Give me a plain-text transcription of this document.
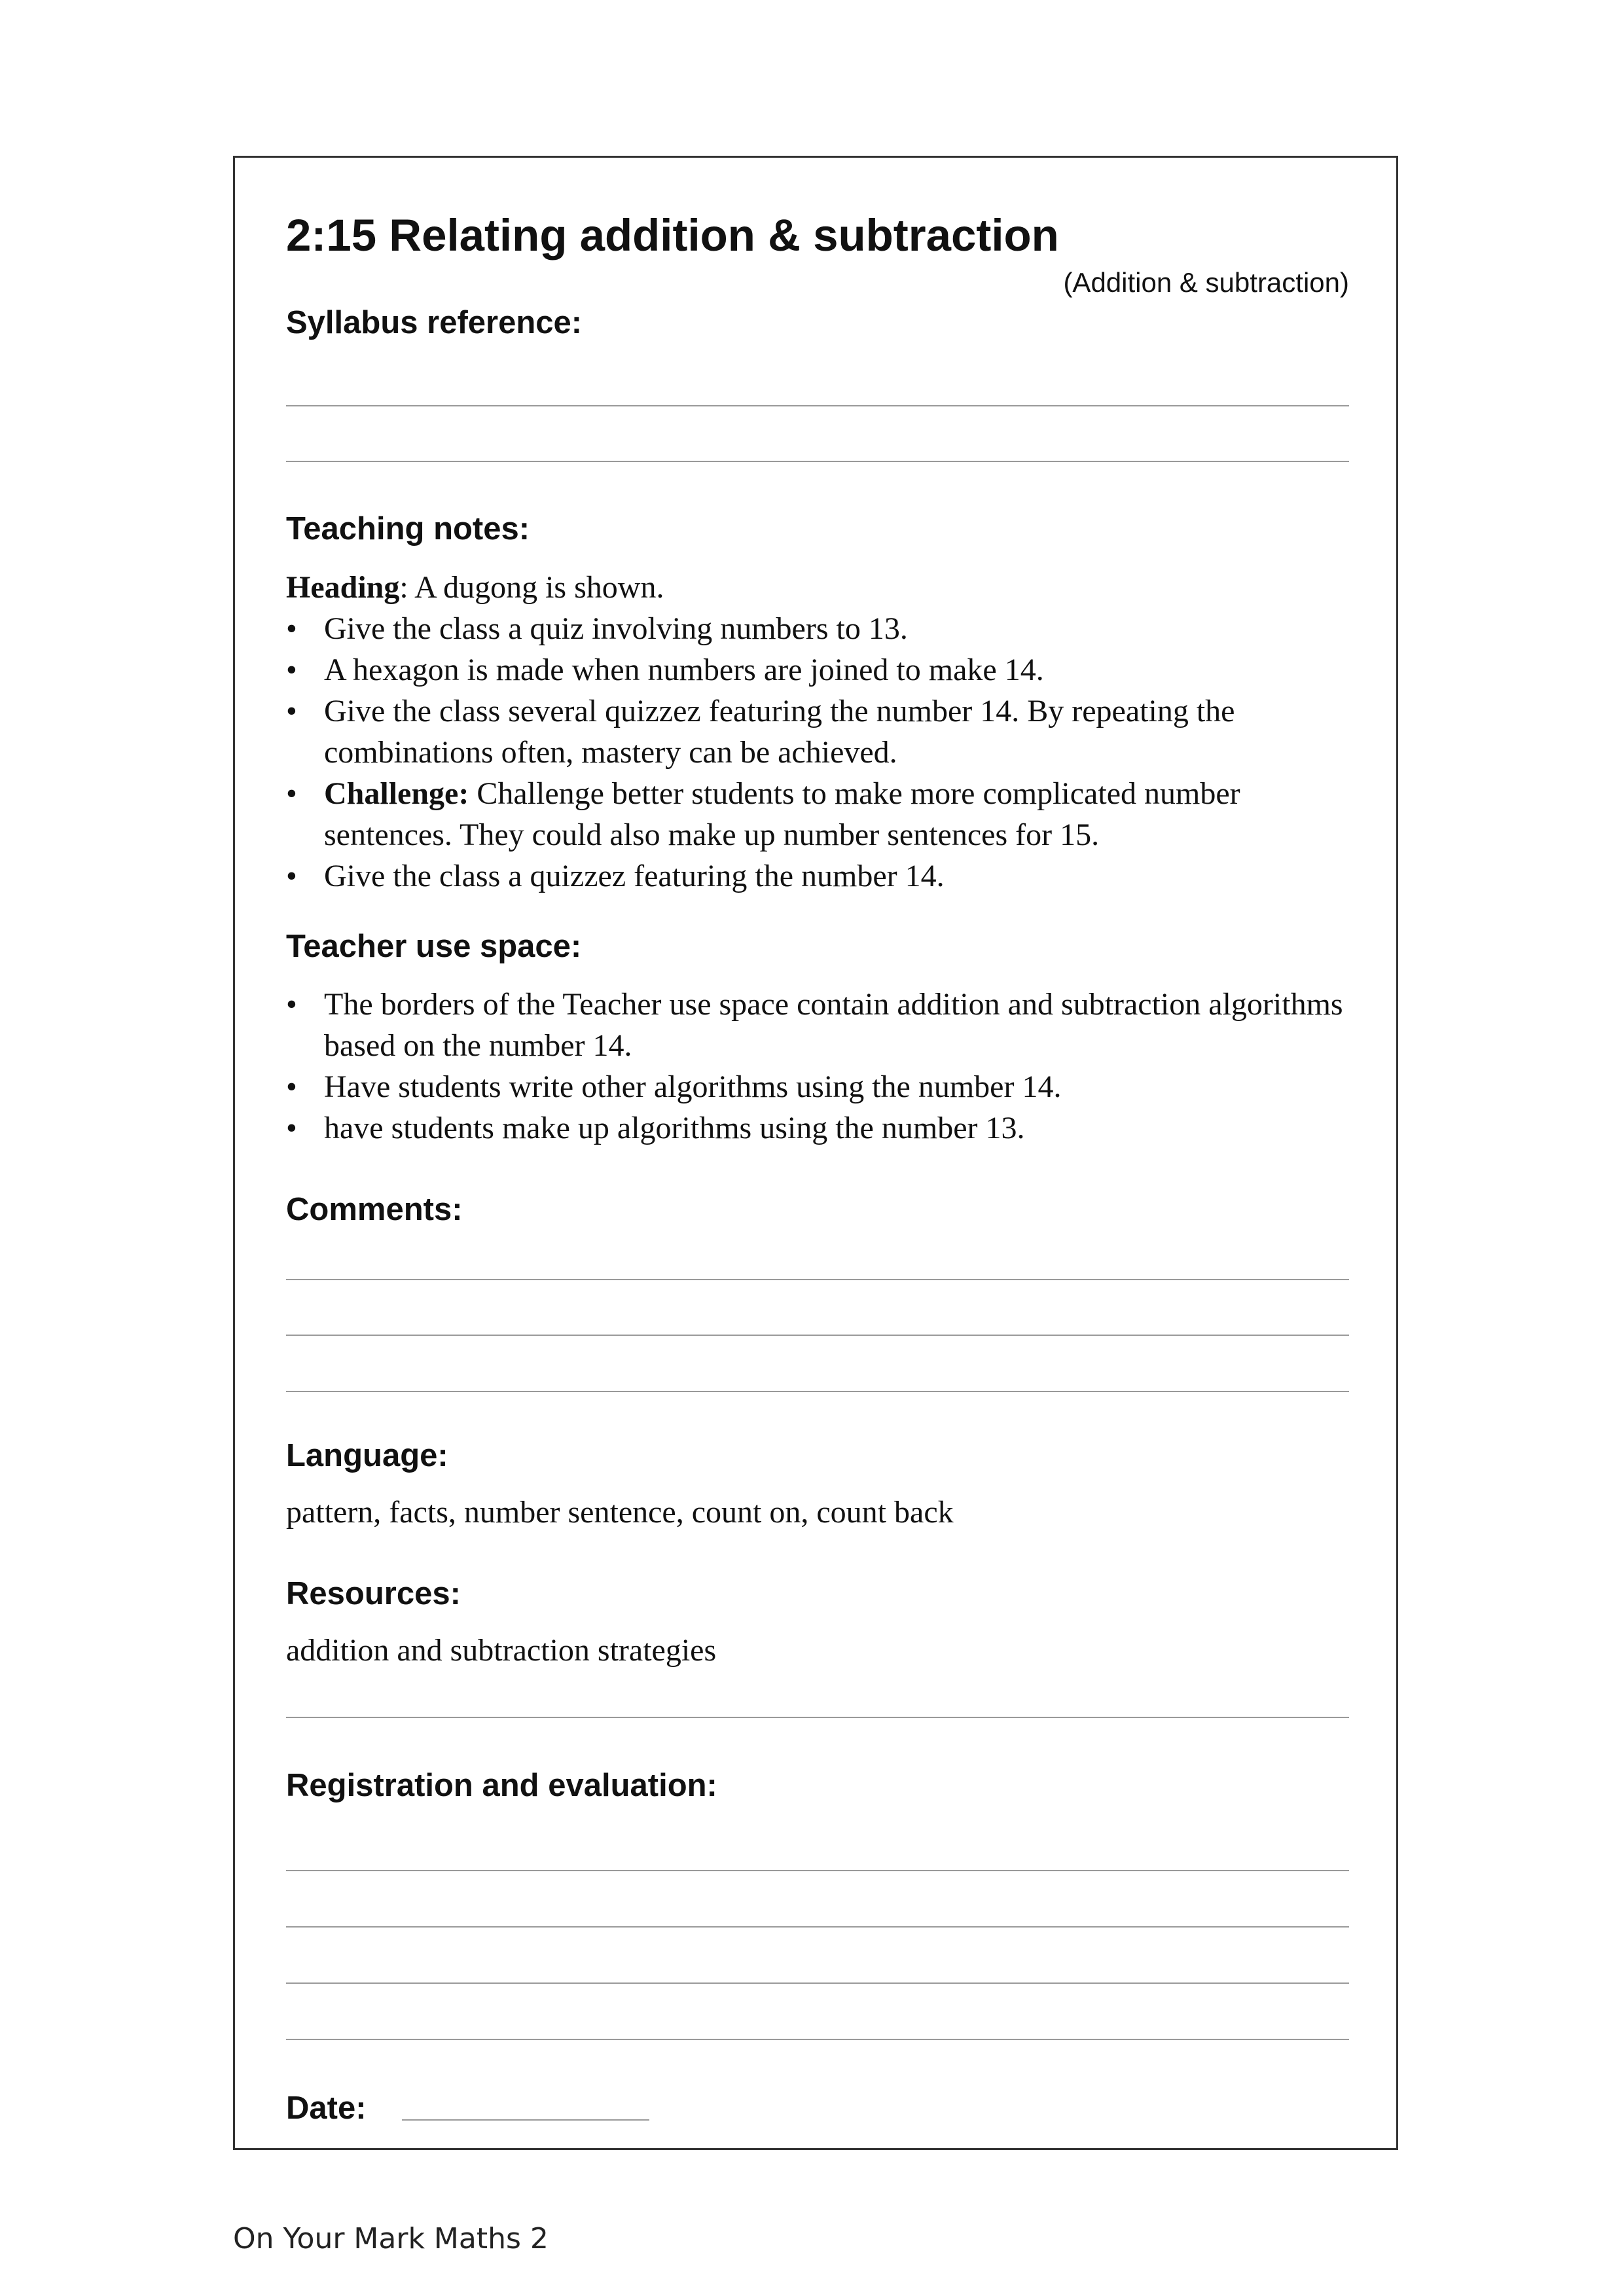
2:15 Relating addition & subtraction
(Addition & subtraction)
Syllabus reference:
Teaching notes:

Heading: A dugong is shown.

• Give the class a quiz involving numbers to 13.
• A hexagon is made when numbers are joined to make 14.
• Give the class several quizzez featuring the number 14. By repeating the combinations often, mastery can be achieved.
• Challenge: Challenge better students to make more complicated number sentences. They could also make up number sentences for 15.
• Give the class a quizzez featuring the number 14.
Teacher use space:
• The borders of the Teacher use space contain addition and subtraction algorithms based on the number 14.
• Have students write other algorithms using the number 14.
• have students make up algorithms using the number 13.
Comments:
Language:
pattern, facts, number sentence, count on, count back
Resources:
addition and subtraction strategies
Registration and evaluation:
Date:
On Your Mark Maths 2
